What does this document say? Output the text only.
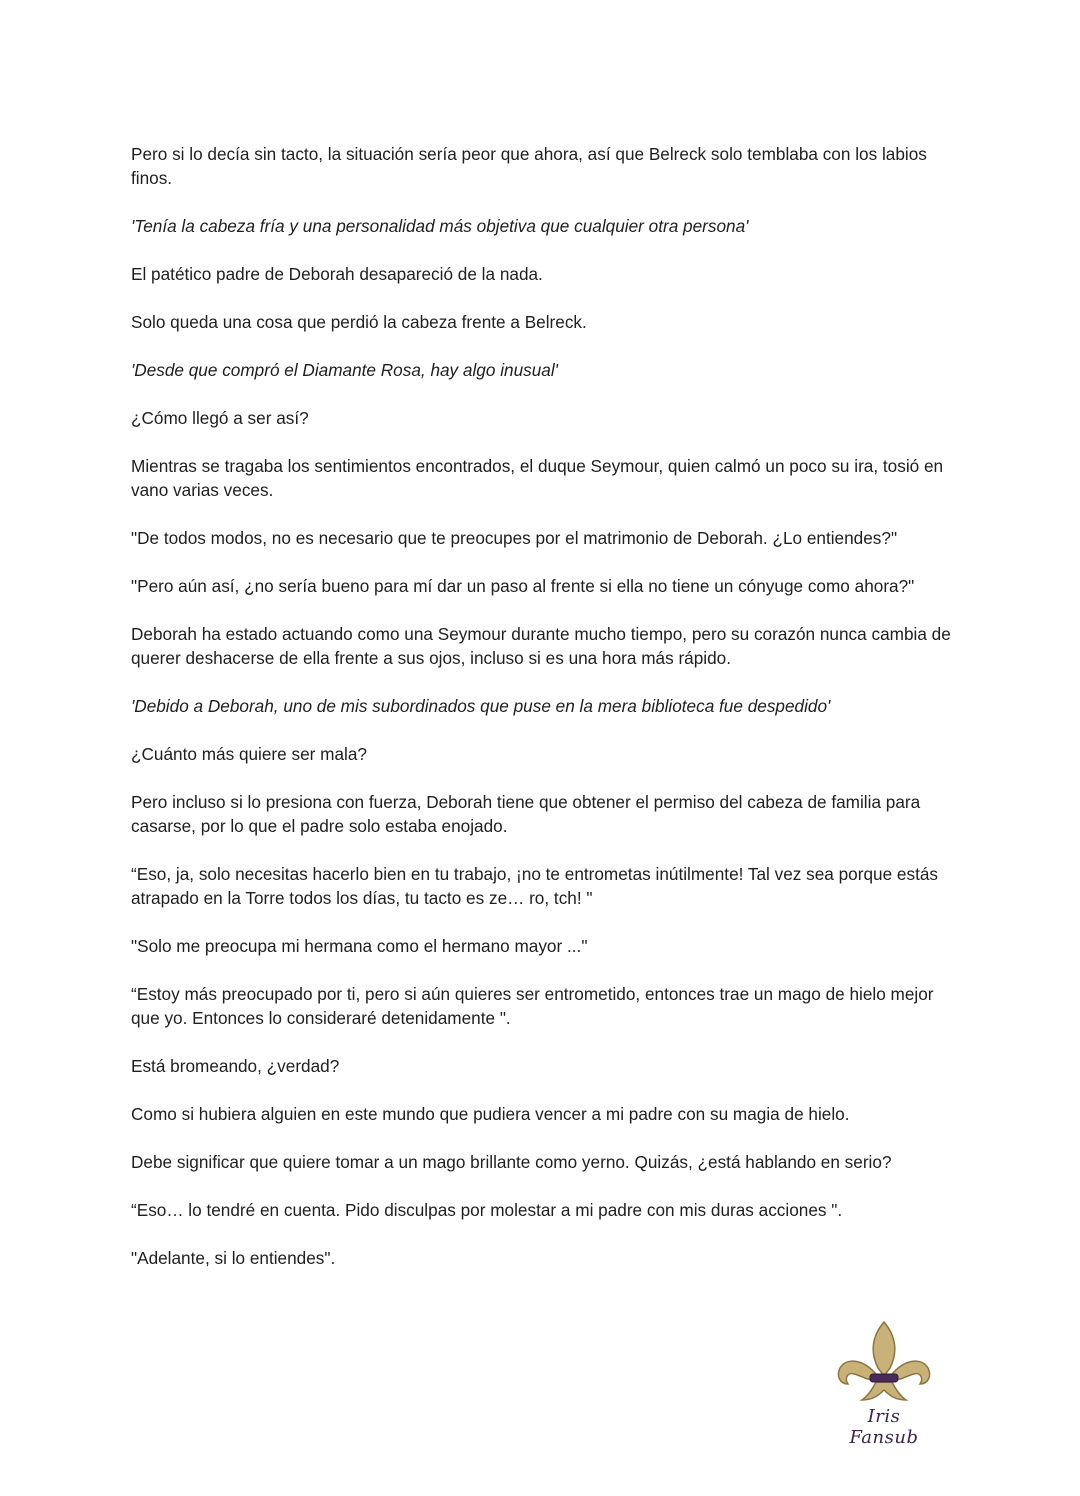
Pero si lo decía sin tacto, la situación sería peor que ahora, así que Belreck solo temblaba con los labios finos.

'Tenía la cabeza fría y una personalidad más objetiva que cualquier otra persona'

El patético padre de Deborah desapareció de la nada.

Solo queda una cosa que perdió la cabeza frente a Belreck.

'Desde que compró el Diamante Rosa, hay algo inusual'

¿Cómo llegó a ser así?

Mientras se tragaba los sentimientos encontrados, el duque Seymour, quien calmó un poco su ira, tosió en vano varias veces.

"De todos modos, no es necesario que te preocupes por el matrimonio de Deborah. ¿Lo entiendes?"

"Pero aún así, ¿no sería bueno para mí dar un paso al frente si ella no tiene un cónyuge como ahora?"

Deborah ha estado actuando como una Seymour durante mucho tiempo, pero su corazón nunca cambia de querer deshacerse de ella frente a sus ojos, incluso si es una hora más rápido.

'Debido a Deborah, uno de mis subordinados que puse en la mera biblioteca fue despedido'

¿Cuánto más quiere ser mala?

Pero incluso si lo presiona con fuerza, Deborah tiene que obtener el permiso del cabeza de familia para casarse, por lo que el padre solo estaba enojado.

“Eso, ja, solo necesitas hacerlo bien en tu trabajo, ¡no te entrometas inútilmente! Tal vez sea porque estás atrapado en la Torre todos los días, tu tacto es ze… ro, tch! "

"Solo me preocupa mi hermana como el hermano mayor ..."

“Estoy más preocupado por ti, pero si aún quieres ser entrometido, entonces trae un mago de hielo mejor que yo. Entonces lo consideraré detenidamente ".

Está bromeando, ¿verdad?

Como si hubiera alguien en este mundo que pudiera vencer a mi padre con su magia de hielo.

Debe significar que quiere tomar a un mago brillante como yerno. Quizás, ¿está hablando en serio?

“Eso… lo tendré en cuenta. Pido disculpas por molestar a mi padre con mis duras acciones ".

"Adelante, si lo entiendes".

Iris Fansub
